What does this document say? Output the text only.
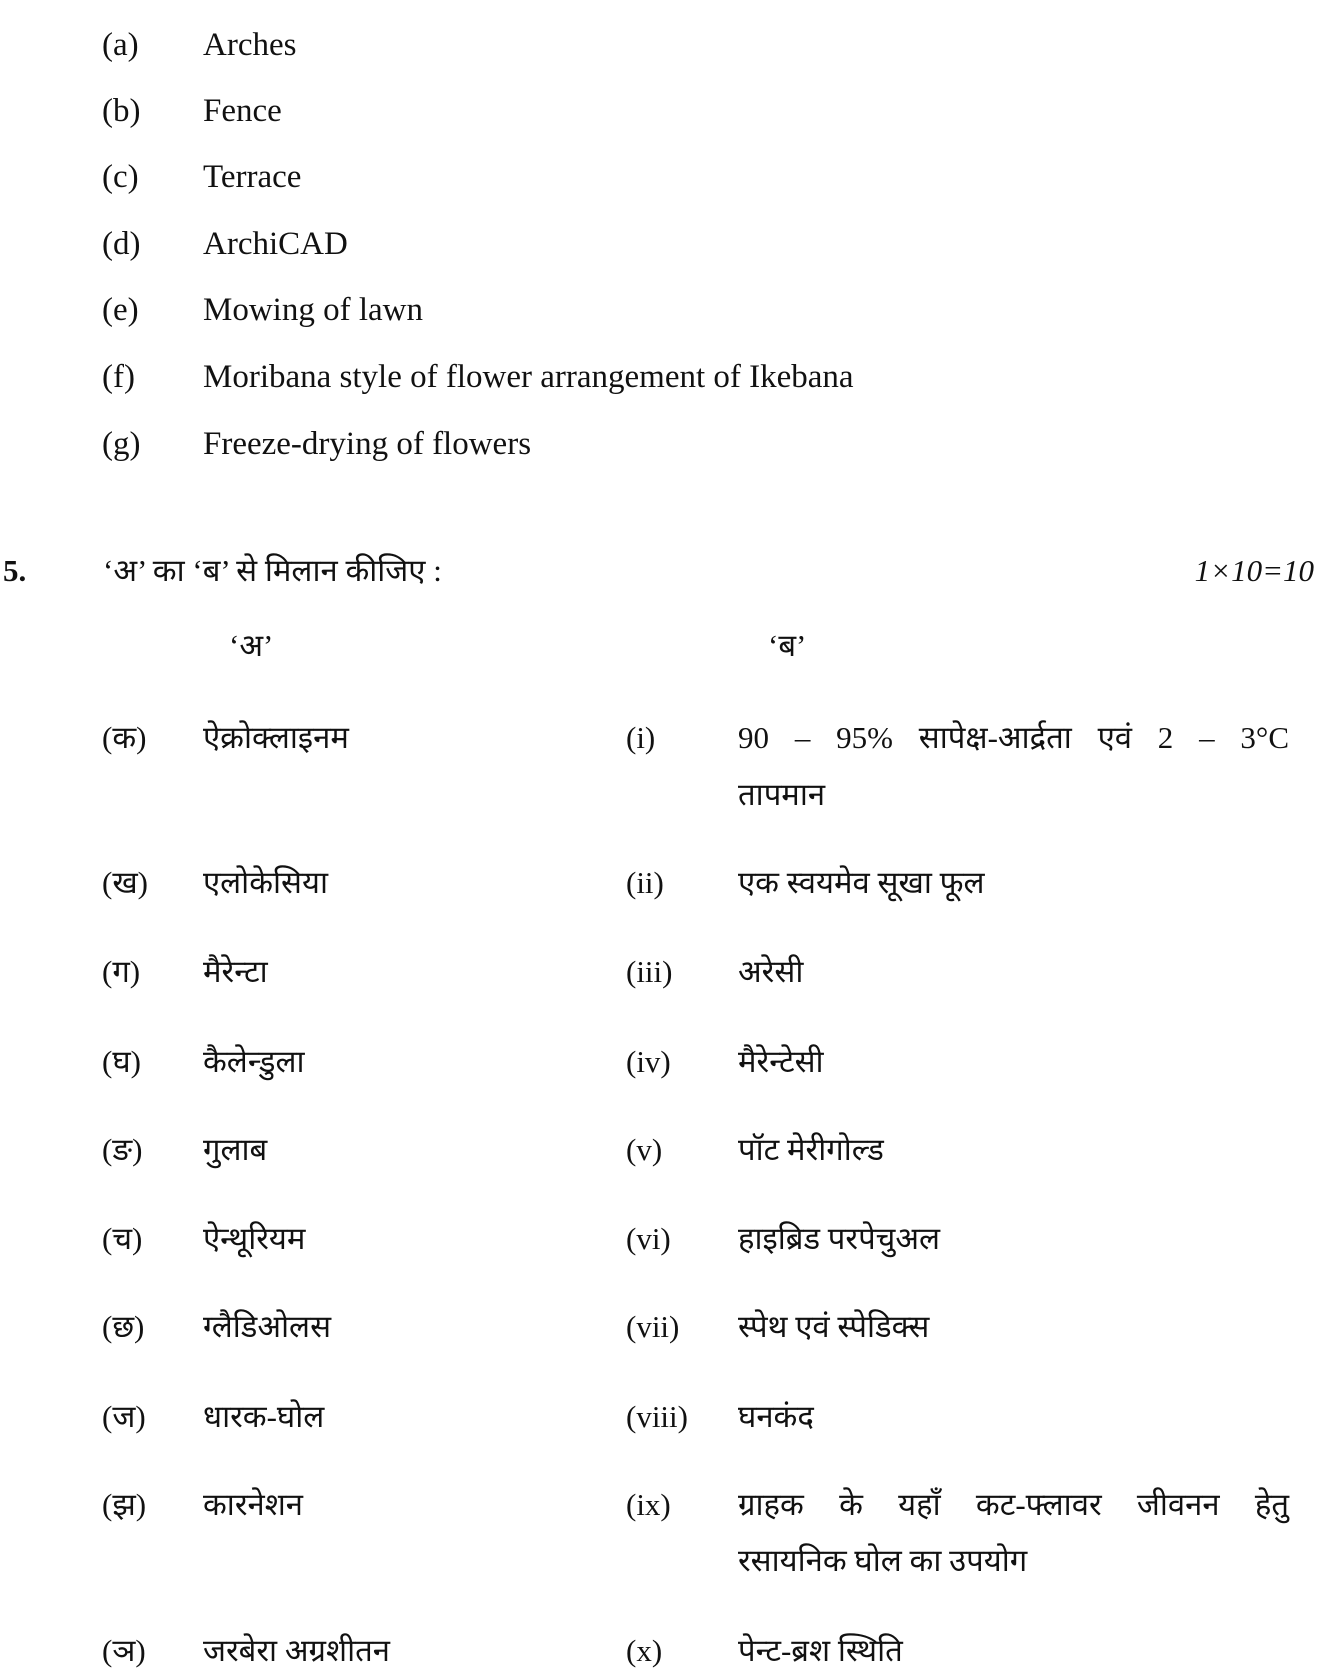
(a) Arches
(b) Fence
(c) Terrace
(d) ArchiCAD
(e) Mowing of lawn
(f) Moribana style of flower arrangement of Ikebana
(g) Freeze-drying of flowers
5. ‘अ’ का ‘ब’ से मिलान कीजिए :	1×10=10
‘अ’	‘ब’
(क) ऐक्रोक्लाइनम	(i)	90 – 95% सापेक्ष-आर्द्रता एवं 2 – 3°C
तापमान
(ख) एलोकेसिया	(ii) एक स्वयमेव सूखा फूल
(ग) मैरेन्टा	(iii) अरेसी
(घ) कैलेन्डुला	(iv) मैरेन्टेसी
(ङ) गुलाब	(v) पॉट मेरीगोल्ड
(च) ऐन्थूरियम	(vi) हाइब्रिड परपेचुअल
(छ) ग्लैडिओलस	(vii) स्पेथ एवं स्पेडिक्स
(ज) धारक-घोल	(viii) घनकंद
(झ) कारनेशन	(ix) ग्राहक के यहाँ कट-फ्लावर जीवनन हेतु
रसायनिक घोल का उपयोग
(ञ) जरबेरा अग्रशीतन	(x) पेन्ट-ब्रश स्थिति
